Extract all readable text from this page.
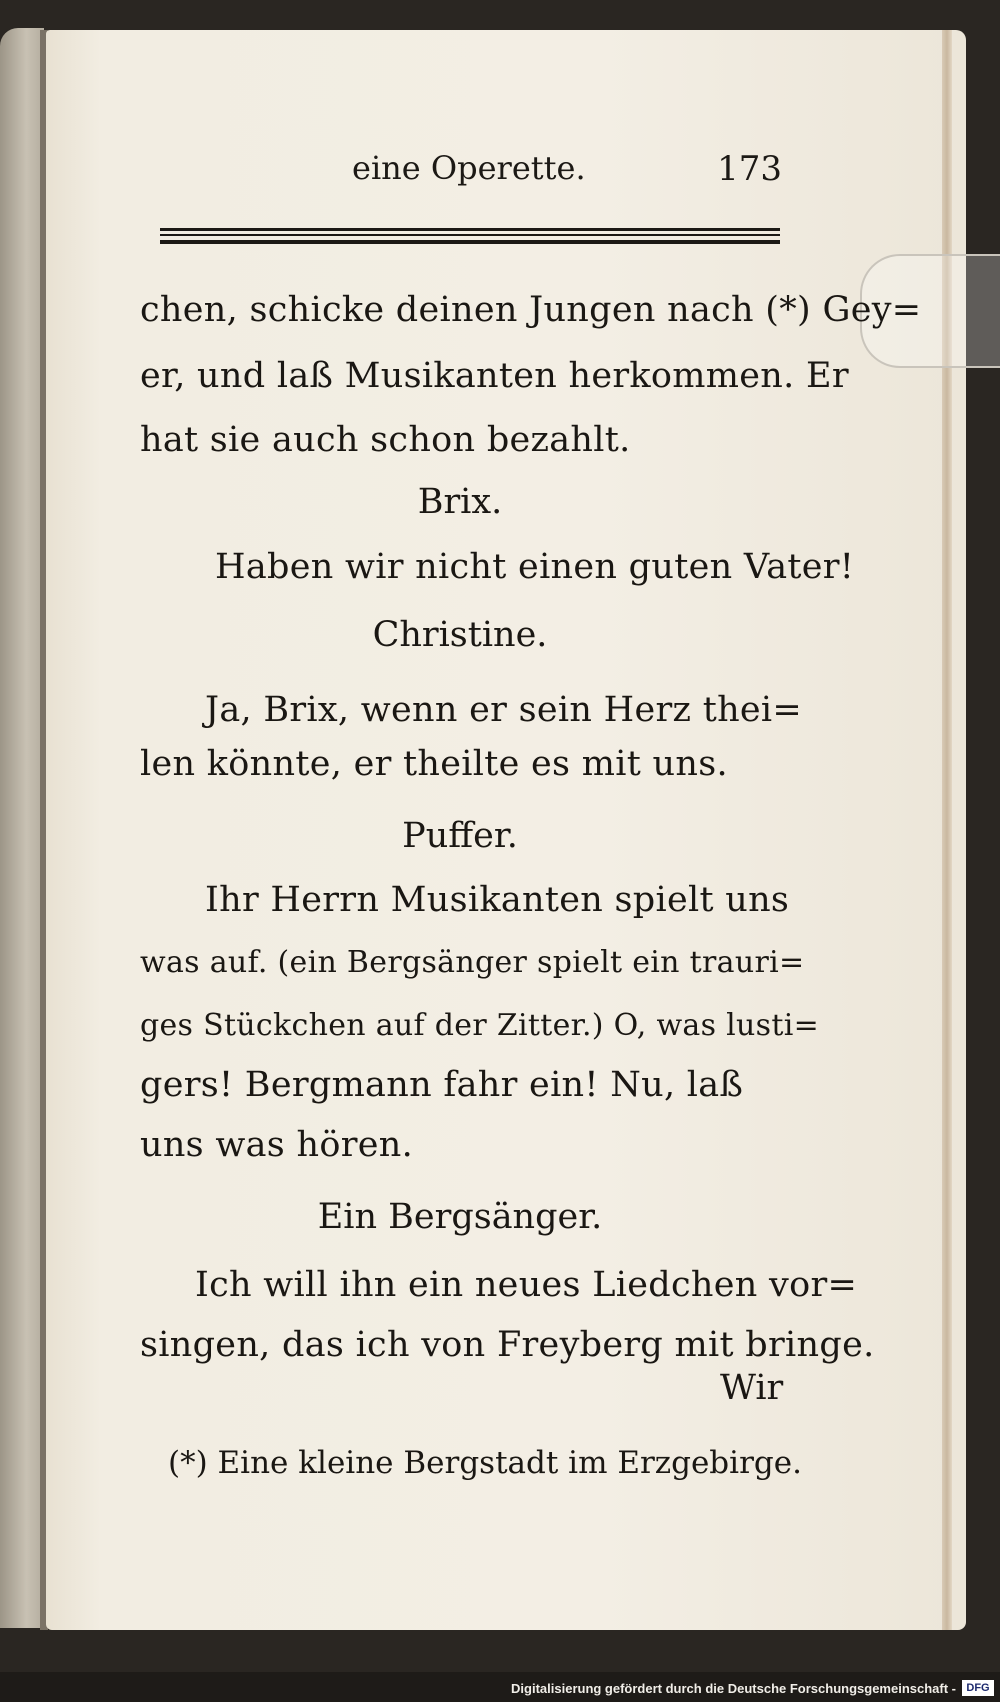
eine Operette.	173
chen, schicke deinen Jungen nach (*) Gey=
er, und laß Musikanten herkommen. Er
hat sie auch schon bezahlt.
Brix.
Haben wir nicht einen guten Vater!
Christine.
Ja, Brix, wenn er sein Herz thei=
len könnte, er theilte es mit uns.
Puffer.
Ihr Herrn Musikanten spielt uns
was auf. (ein Bergsänger spielt ein trauri=
ges Stückchen auf der Zitter.) O, was lusti=
gers! Bergmann fahr ein! Nu, laß
uns was hören.
Ein Bergsänger.
Ich will ihn ein neues Liedchen vor=
singen, das ich von Freyberg mit bringe.
Wir
(*) Eine kleine Bergstadt im Erzgebirge.
Digitalisierung gefördert durch die Deutsche Forschungsgemeinschaft - DFG
